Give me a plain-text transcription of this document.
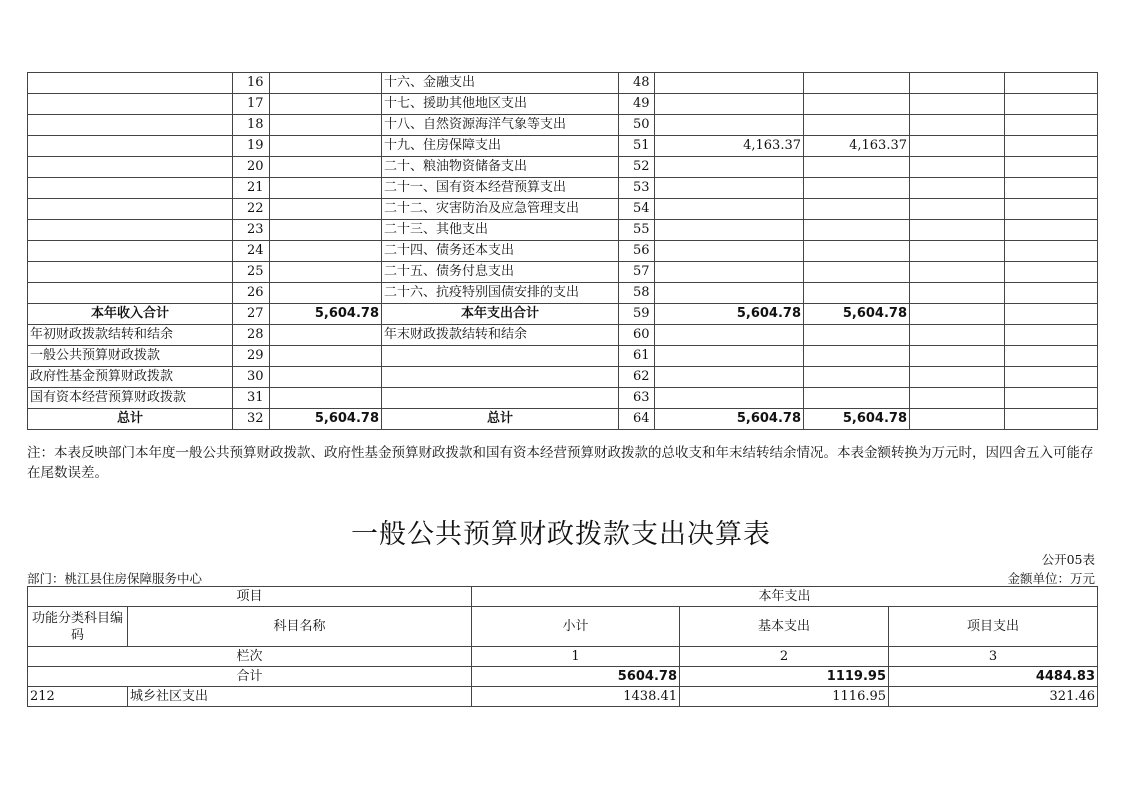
	16		十六、金融支出	48				
	17		十七、援助其他地区支出	49				
	18		十八、自然资源海洋气象等支出	50				
	19		十九、住房保障支出	51	4,163.37	4,163.37		
	20		二十、粮油物资储备支出	52				
	21		二十一、国有资本经营预算支出	53				
	22		二十二、灾害防治及应急管理支出	54				
	23		二十三、其他支出	55				
	24		二十四、债务还本支出	56				
	25		二十五、债务付息支出	57				
	26		二十六、抗疫特别国债安排的支出	58				
本年收入合计	27	5,604.78	本年支出合计	59	5,604.78	5,604.78		
年初财政拨款结转和结余	28		年末财政拨款结转和结余	60				
一般公共预算财政拨款	29			61				
政府性基金预算财政拨款	30			62				
国有资本经营预算财政拨款	31			63				
总计	32	5,604.78	总计	64	5,604.78	5,604.78		
注：本表反映部门本年度一般公共预算财政拨款、政府性基金预算财政拨款和国有资本经营预算财政拨款的总收支和年末结转结余情况。本表金额转换为万元时，因四舍五入可能存在尾数误差。
一般公共预算财政拨款支出决算表
公开05表
部门：桃江县住房保障服务中心	金额单位：万元
项目		本年支出		
功能分类科目编码	科目名称	小计	基本支出	项目支出
栏次		1	2	3
合计		5604.78	1119.95	4484.83
212	城乡社区支出	1438.41	1116.95	321.46
